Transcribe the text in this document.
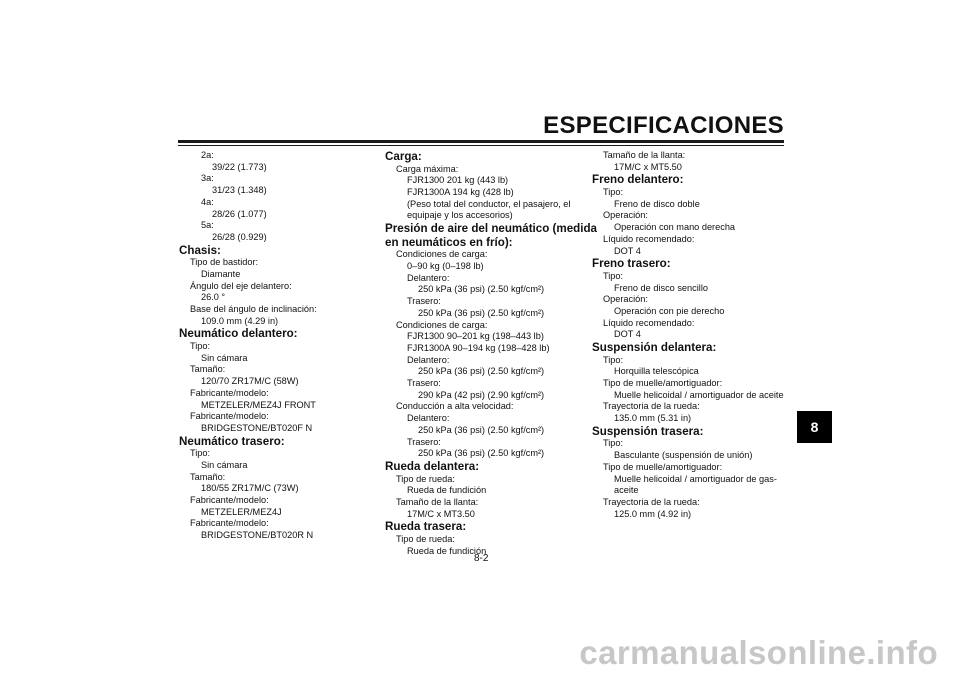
ESPECIFICACIONES
2a:
39/22 (1.773)
3a:
31/23 (1.348)
4a:
28/26 (1.077)
5a:
26/28 (0.929)
Chasis:
Tipo de bastidor:
Diamante
Ángulo del eje delantero:
26.0 °
Base del ángulo de inclinación:
109.0 mm (4.29 in)
Neumático delantero:
Tipo:
Sin cámara
Tamaño:
120/70 ZR17M/C (58W)
Fabricante/modelo:
METZELER/MEZ4J FRONT
Fabricante/modelo:
BRIDGESTONE/BT020F N
Neumático trasero:
Tipo:
Sin cámara
Tamaño:
180/55 ZR17M/C (73W)
Fabricante/modelo:
METZELER/MEZ4J
Fabricante/modelo:
BRIDGESTONE/BT020R N
Carga:
Carga máxima:
FJR1300 201 kg (443 lb)
FJR1300A 194 kg (428 lb)
(Peso total del conductor, el pasajero, el
equipaje y los accesorios)
Presión de aire del neumático (medida
en neumáticos en frío):
Condiciones de carga:
0–90 kg (0–198 lb)
Delantero:
250 kPa (36 psi) (2.50 kgf/cm²)
Trasero:
250 kPa (36 psi) (2.50 kgf/cm²)
Condiciones de carga:
FJR1300 90–201 kg (198–443 lb)
FJR1300A 90–194 kg (198–428 lb)
Delantero:
250 kPa (36 psi) (2.50 kgf/cm²)
Trasero:
290 kPa (42 psi) (2.90 kgf/cm²)
Conducción a alta velocidad:
Delantero:
250 kPa (36 psi) (2.50 kgf/cm²)
Trasero:
250 kPa (36 psi) (2.50 kgf/cm²)
Rueda delantera:
Tipo de rueda:
Rueda de fundición
Tamaño de la llanta:
17M/C x MT3.50
Rueda trasera:
Tipo de rueda:
Rueda de fundición
Tamaño de la llanta:
17M/C x MT5.50
Freno delantero:
Tipo:
Freno de disco doble
Operación:
Operación con mano derecha
Líquido recomendado:
DOT 4
Freno trasero:
Tipo:
Freno de disco sencillo
Operación:
Operación con pie derecho
Líquido recomendado:
DOT 4
Suspensión delantera:
Tipo:
Horquilla telescópica
Tipo de muelle/amortiguador:
Muelle helicoidal / amortiguador de aceite
Trayectoria de la rueda:
135.0 mm (5.31 in)
Suspensión trasera:
Tipo:
Basculante (suspensión de unión)
Tipo de muelle/amortiguador:
Muelle helicoidal / amortiguador de gas-
aceite
Trayectoria de la rueda:
125.0 mm (4.92 in)
8-2
8
carmanualsonline.info
